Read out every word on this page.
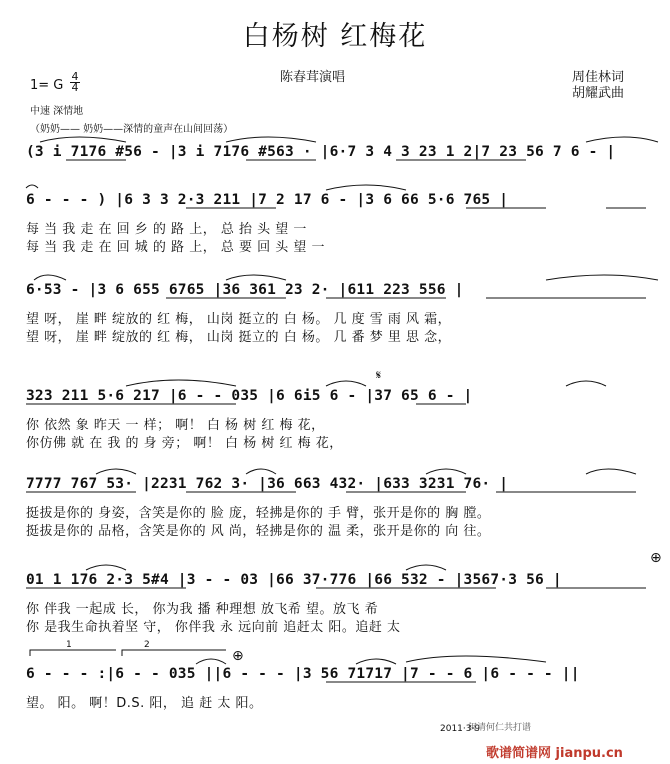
白杨树 红梅花
陈春茸演唱	周佳林词
胡耀武曲
1= G $\frac{4}{4}$
中速 深情地
（奶奶—— 奶奶——深情的童声在山间回荡）
(3 i 7176 #56 - |3 i 7176 #563 · |6·7 3 4 3 23 1 2|7 23 56 7 6 - |
6 - - - ) |6 3 3 2·3 211 |7 2 17 6 - |3 6 66 5·6 765 |
每 当 我 走 在 回 乡 的 路 上， 总 抬 头 望 一
每 当 我 走 在 回 城 的 路 上， 总 要 回 头 望 一
6·53 - |3 6 655 6765 |36 361 23 2· |611 223 556 |
望 呀， 崖 畔 绽放的 红 梅， 山岗 挺立的 白 杨。 几 度 雪 雨 风 霜，
望 呀， 崖 畔 绽放的 红 梅， 山岗 挺立的 白 杨。 几 番 梦 里 思 念，
𝄋
323 211 5·6 217 |6 - - 035 |6 6i5 6 - |37 65 6 - |
你 依然 象 昨天 一 样； 啊！ 白 杨 树 红 梅 花，
你仿佛 就 在 我 的 身 旁； 啊！ 白 杨 树 红 梅 花，
7777 767 53· |2231 762 3· |36 663 432· |633 3231 76· |
挺拔是你的 身姿，含笑是你的 脸 庞，轻拂是你的 手 臂，张开是你的 胸 膛。
挺拔是你的 品格，含笑是你的 风 尚，轻拂是你的 温 柔，张开是你的 向 往。
⊕
01 1 176 2·3 5#4 |3 - - 03 |66 37·776 |66 532 - |3567·3 56 |
你 伴我 一起成 长， 你为我 播 种理想 放飞希 望。放飞 希
你 是我生命执着坚 守， 你伴我 永 远向前 追赶太 阳。追赶 太
1	2
⊕
6 - - - :|6 - - 035 ||6 - - - |3 56 71717 |7 - - 6 |6 - - - ||
望。 阳。 啊！D.S. 阳， 追 赶 太 阳。
2011·3·9
闽清何仁共打谱
歌谱简谱网 jianpu.cn
